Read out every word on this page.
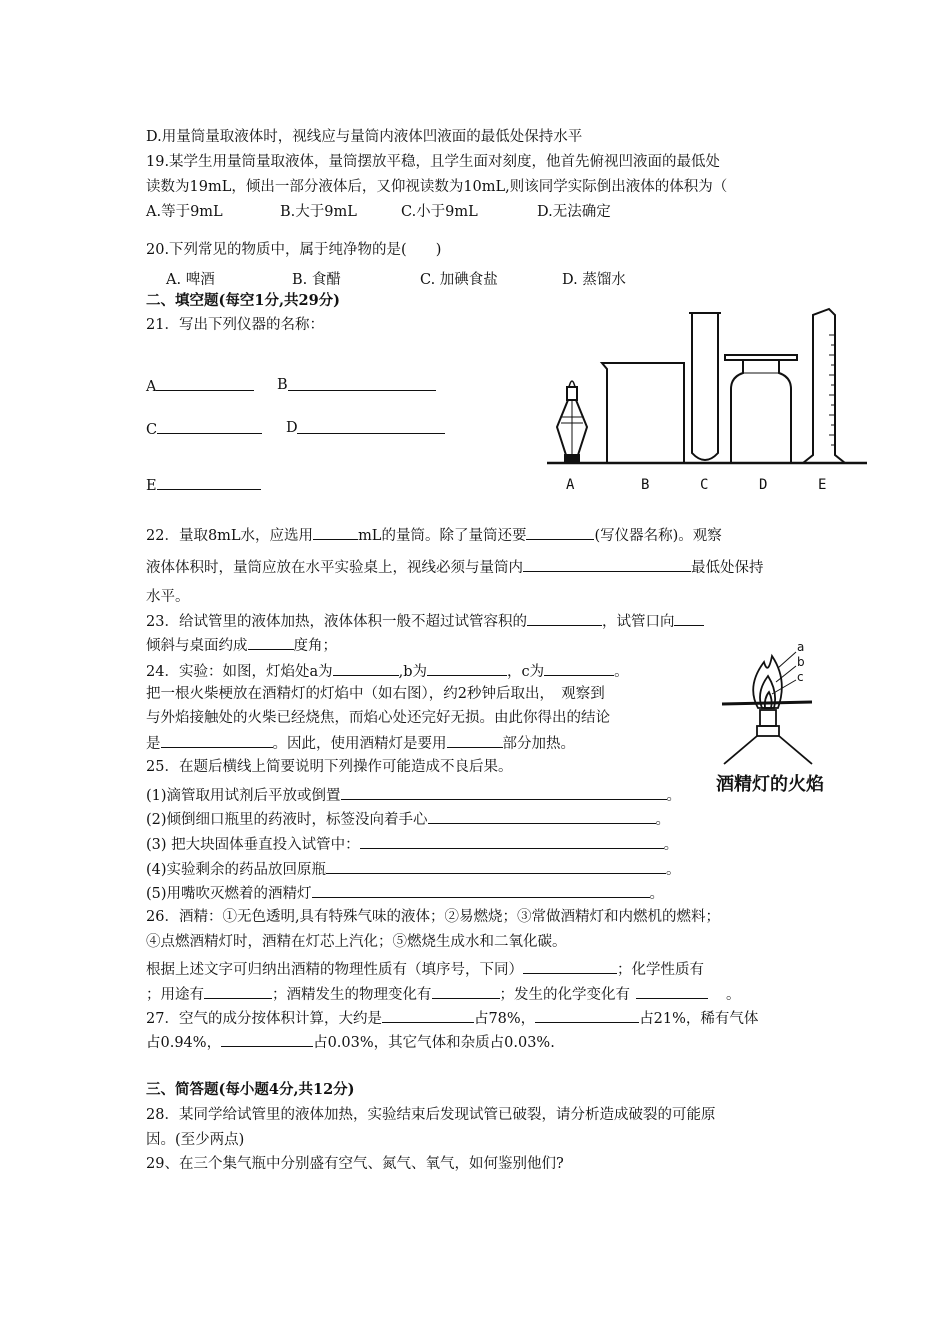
D.用量筒量取液体时，视线应与量筒内液体凹液面的最低处保持水平
19.某学生用量筒量取液体，量筒摆放平稳，且学生面对刻度，他首先俯视凹液面的最低处
读数为19mL，倾出一部分液体后，又仰视读数为10mL,则该同学实际倒出液体的体积为（
A.等于9mL	B.大于9mL	C.小于9mL	D.无法确定
20.下列常见的物质中，属于纯净物的是(　　)
A. 啤酒	B. 食醋	C. 加碘食盐	D. 蒸馏水
二、填空题(每空1分,共29分)
21．写出下列仪器的名称：
A	B
C	D
E	A	B	C	D	E
22．量取8mL水，应选用	mL的量筒。除了量筒还要	(写仪器名称)。观察
液体体积时，量筒应放在水平实验桌上，视线必须与量筒内	最低处保持
水平。
23．给试管里的液体加热，液体体积一般不超过试管容积的	，试管口向
倾斜与桌面约成	度角；
24．实验：如图，灯焰处a为	,b为	，c为	。
把一根火柴梗放在酒精灯的灯焰中（如右图），约2秒钟后取出，　观察到
与外焰接触处的火柴已经烧焦，而焰心处还完好无损。由此你得出的结论
是	。因此，使用酒精灯是要用	部分加热。
a
b
c
酒精灯的火焰
25．在题后横线上简要说明下列操作可能造成不良后果。
(1)滴管取用试剂后平放或倒置	。
(2)倾倒细口瓶里的药液时，标签没向着手心	。
(3) 把大块固体垂直投入试管中：	。
(4)实验剩余的药品放回原瓶	。
(5)用嘴吹灭燃着的酒精灯	。
26．酒精：①无色透明,具有特殊气味的液体；②易燃烧；③常做酒精灯和内燃机的燃料；
④点燃酒精灯时，酒精在灯芯上汽化；⑤燃烧生成水和二氧化碳。
根据上述文字可归纳出酒精的物理性质有（填序号，下同）	；化学性质有
；用途有	；酒精发生的物理变化有	；发生的化学变化有	。
27．空气的成分按体积计算，大约是	占78%，	占21%，稀有气体
占0.94%，	占0.03%，其它气体和杂质占0.03%.
三、简答题(每小题4分,共12分)
28．某同学给试管里的液体加热，实验结束后发现试管已破裂，请分析造成破裂的可能原
因。(至少两点)
29、在三个集气瓶中分别盛有空气、氮气、氧气，如何鉴别他们?
